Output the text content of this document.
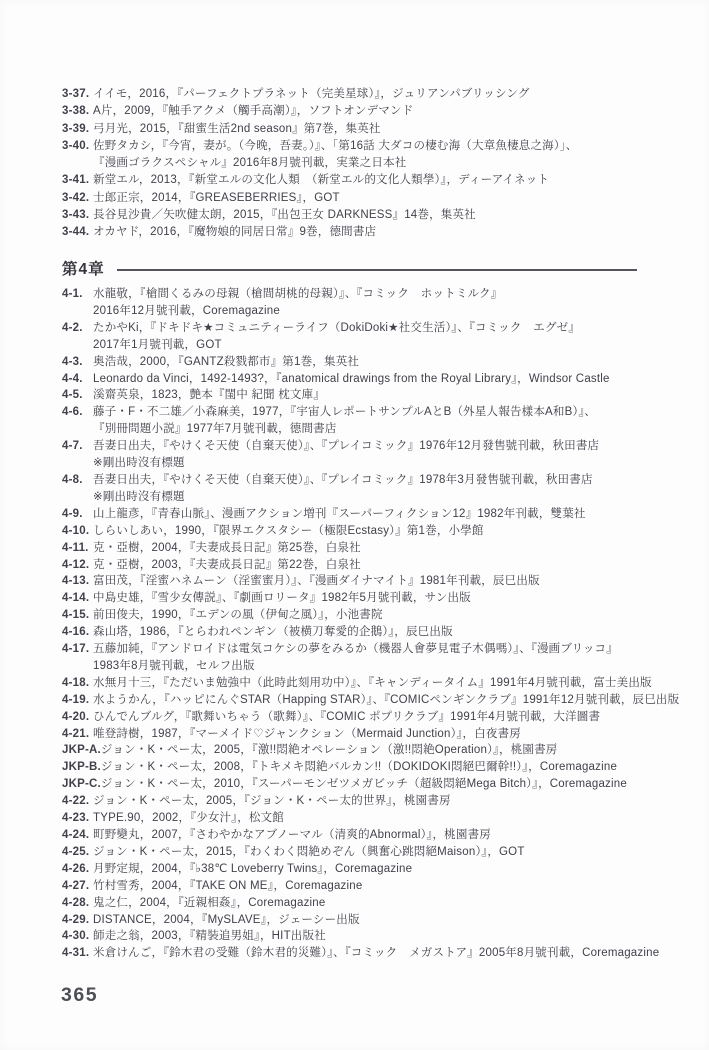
3-37. イイモ，2016，『パーフェクトプラネット（完美星球）』，ジュリアンパブリッシング
3-38. A片，2009，『触手アクメ（觸手高潮）』，ソフトオンデマンド
3-39. 弓月光，2015，『甜蜜生活2nd season』第7巻，集英社
3-40. 佐野タカシ，『今宵，妻が。（今晚，吾妻。）』、「第16話 大ダコの棲む海（大章魚棲息之海）」、
『漫画ゴラクスペシャル』2016年8月號刊載，実業之日本社
3-41. 新堂エル，2013，『新堂エルの文化人類　（新堂エル的文化人類學）』，ディーアイネット
3-42. 士郎正宗，2014，『GREASEBERRIES』，GOT
3-43. 長谷見沙貴／矢吹健太朗，2015，『出包王女 DARKNESS』14巻，集英社
3-44. オカヤド，2016，『魔物娘的同居日常』9巻，德間書店
第4章
4-1. 水龍敬，『槍間くるみの母親（槍間胡桃的母親）』、『コミック　ホットミルク』
2016年12月號刊載，Coremagazine
4-2. たかやKi，『ドキドキ★コミュニティーライフ（DokiDoki★社交生活）』、『コミック　エグゼ』
2017年1月號刊載，GOT
4-3. 奥浩哉，2000，『GANTZ殺戮都市』第1巻，集英社
4-4. Leonardo da Vinci，1492-1493?，『anatomical drawings from the Royal Library』，Windsor Castle
4-5. 溪齋英泉，1823，艶本『閨中 紀聞 枕文庫』
4-6. 藤子・F・不二雄／小森麻美，1977，『宇宙人レポートサンプルAとB（外星人報告樣本A和B）』、
『別冊問題小説』1977年7月號刊載，德間書店
4-7. 吾妻日出夫，『やけくそ天使（自棄天使）』、『プレイコミック』1976年12月發售號刊載，秋田書店
※剛出時沒有標題
4-8. 吾妻日出夫，『やけくそ天使（自棄天使）』、『プレイコミック』1978年3月發售號刊載，秋田書店
※剛出時沒有標題
4-9. 山上龍彥，『青春山脈』、漫画アクション増刊『スーパーフィクション12』1982年刊載，雙葉社
4-10. しらいしあい，1990，『限界エクスタシー（極限Ecstasy）』第1巻，小學館
4-11. 克・亞樹，2004，『夫妻成長日記』第25巻，白泉社
4-12. 克・亞樹，2003，『夫妻成長日記』第22巻，白泉社
4-13. 富田茂，『淫蜜ハネムーン（淫蜜蜜月）』、『漫画ダイナマイト』1981年刊載，辰巳出版
4-14. 中島史雄，『雪少女傳説』、『劇画ロリータ』1982年5月號刊載，サン出版
4-15. 前田俊夫，1990，『エデンの風（伊甸之風）』，小池書院
4-16. 森山塔，1986，『とらわれペンギン（被横刀奪愛的企鵝）』，辰巳出版
4-17. 五藤加純，『アンドロイドは電気コケシの夢をみるか（機器人會夢見電子木偶嗎）』、『漫画ブリッコ』
1983年8月號刊載，セルフ出版
4-18. 水無月十三，『ただいま勉強中（此時此刻用功中）』、『キャンディータイム』1991年4月號刊載，富士美出版
4-19. 水ようかん，『ハッピにんぐSTAR（Happing STAR）』、『COMICペンギンクラブ』1991年12月號刊載，辰巳出版
4-20. ひんでんブルグ，『歌舞いちゃう（歌舞）』、『COMIC ポプリクラブ』1991年4月號刊載，大洋圖書
4-21. 唯登詩樹，1987，『マーメイド♡ジャンクション（Mermaid Junction）』，白夜書房
JKP-A. ジョン・K・ペー太，2005，『激!!悶絶オペレーション（激!!悶絶Operation）』，桃園書房
JKP-B. ジョン・K・ペー太，2008，『トキメキ悶絶バルカン!!（DOKIDOKI悶絕巴爾幹!!）』，Coremagazine
JKP-C. ジョン・K・ペー太，2010，『スーパーモンゼツメガビッチ（超級悶絕Mega Bitch）』，Coremagazine
4-22. ジョン・K・ペー太，2005，『ジョン・K・ペー太的世界』，桃園書房
4-23. TYPE.90，2002，『少女汁』，松文館
4-24. 町野變丸，2007，『さわやかなアブノーマル（清爽的Abnormal）』，桃園書房
4-25. ジョン・K・ペー太，2015，『わくわく悶絶めぞん（興奮心跳悶絕Maison）』，GOT
4-26. 月野定規，2004，『♭38℃ Loveberry Twins』，Coremagazine
4-27. 竹村雪秀，2004，『TAKE ON ME』，Coremagazine
4-28. 鬼之仁，2004，『近親相姦』，Coremagazine
4-29. DISTANCE，2004，『MySLAVE』，ジェーシー出版
4-30. 師走之翁，2003，『精裝追男姐』，HIT出版社
4-31. 米倉けんご，『鈴木君の受難（鈴木君的災難）』、『コミック　メガストア』2005年8月號刊載，Coremagazine
365
